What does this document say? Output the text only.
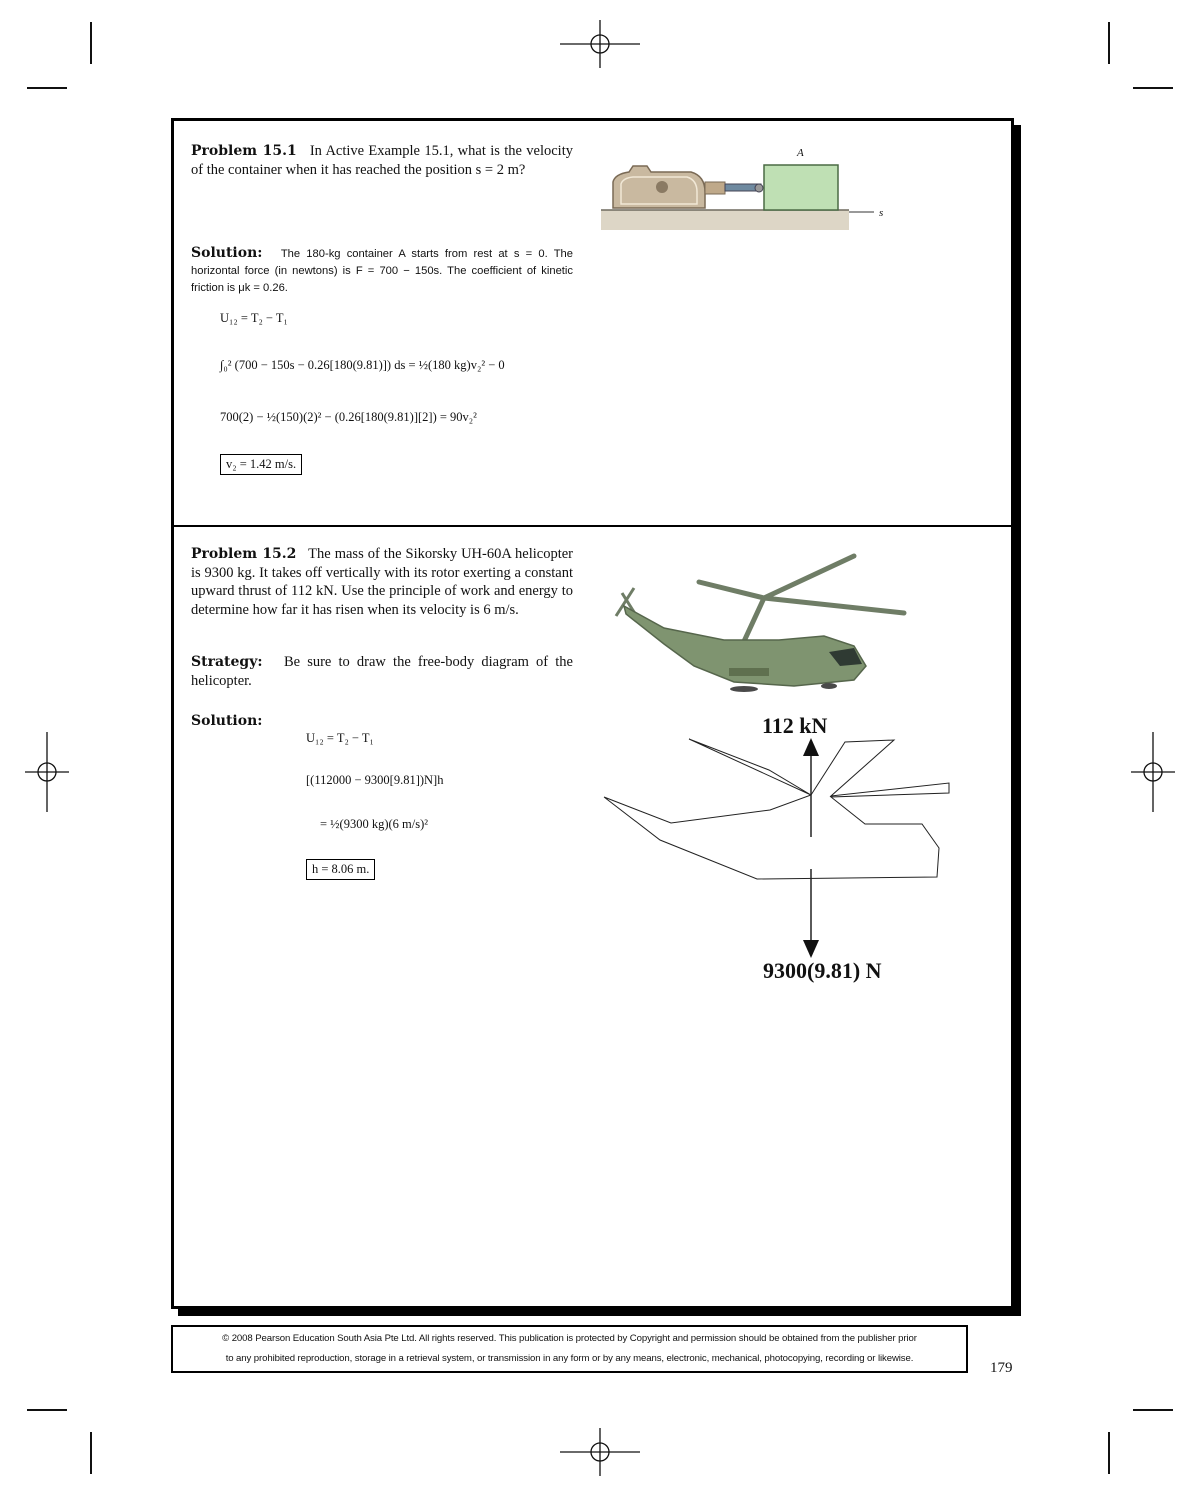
Problem 15.1 In Active Example 15.1, what is the velocity of the container when it has reached the position s = 2 m?
s
A
Solution: The 180-kg container A starts from rest at s = 0. The horizontal force (in newtons) is F = 700 − 150s. The coefficient of kinetic friction is μk = 0.26.
U₁₂ = T₂ − T₁
∫₀² (700 − 150s − 0.26[180(9.81)]) ds = ½(180 kg)v₂² − 0
700(2) − ½(150)(2)² − (0.26[180(9.81)][2]) = 90v₂²
v₂ = 1.42 m/s.
Problem 15.2 The mass of the Sikorsky UH-60A helicopter is 9300 kg. It takes off vertically with its rotor exerting a constant upward thrust of 112 kN. Use the principle of work and energy to determine how far it has risen when its velocity is 6 m/s.
Strategy: Be sure to draw the free-body diagram of the helicopter.
Solution:
U₁₂ = T₂ − T₁
[(112000 − 9300[9.81])N]h
= ½(9300 kg)(6 m/s)²
h = 8.06 m.
112 kN
9300(9.81) N
© 2008 Pearson Education South Asia Pte Ltd. All rights reserved. This publication is protected by Copyright and permission should be obtained from the publisher prior
to any prohibited reproduction, storage in a retrieval system, or transmission in any form or by any means, electronic, mechanical, photocopying, recording or likewise.
179
